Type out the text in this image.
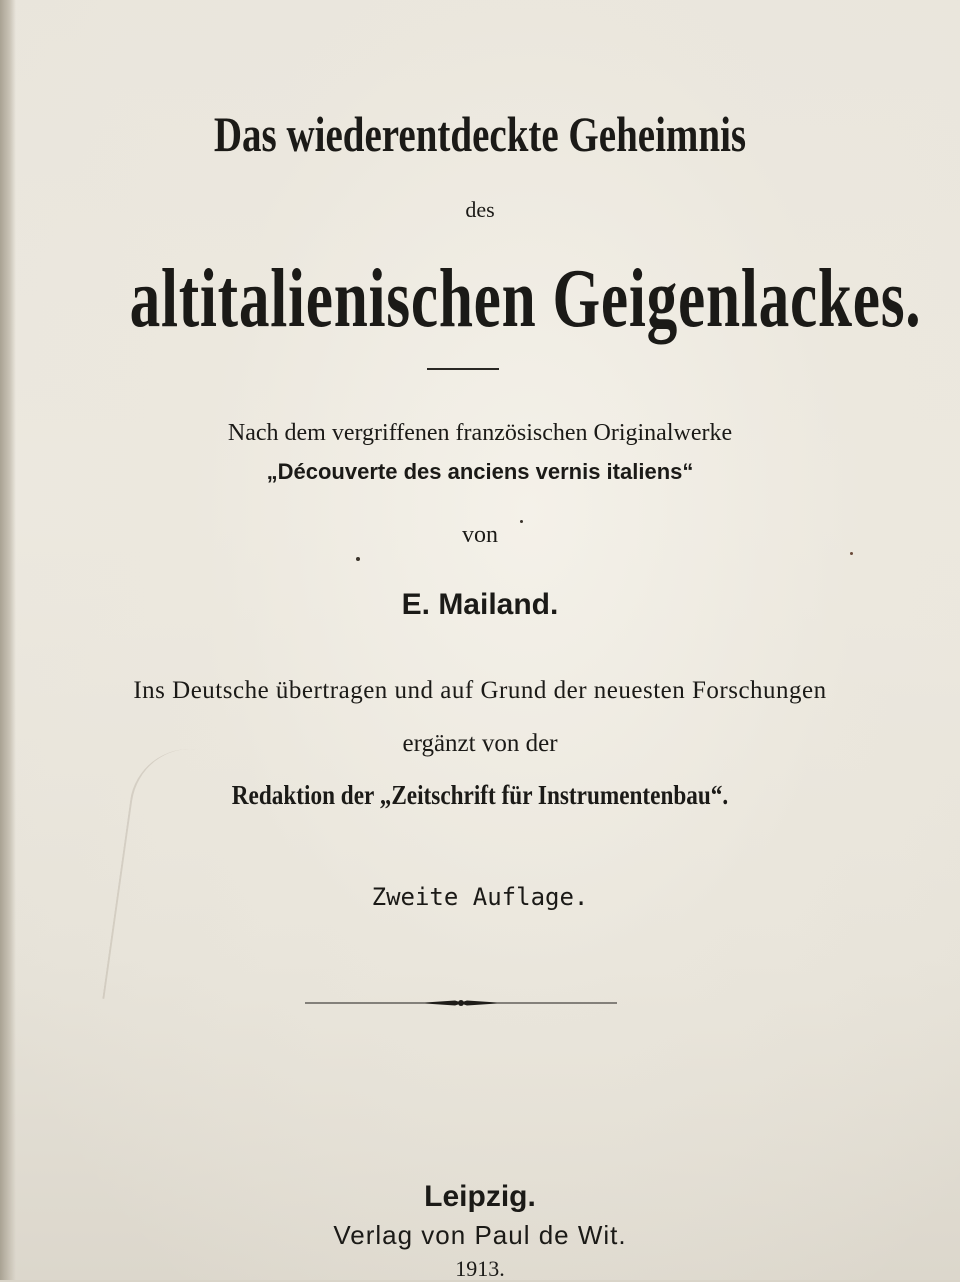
Das wiederentdeckte Geheimnis
des
altitalienischen Geigenlackes.
Nach dem vergriffenen französischen Originalwerke
„Découverte des anciens vernis italiens“
von
E. Mailand.
Ins Deutsche übertragen und auf Grund der neuesten Forschungen
ergänzt von der
Redaktion der „Zeitschrift für Instrumentenbau“.
Zweite Auflage.
Leipzig.
Verlag von Paul de Wit.
1913.
